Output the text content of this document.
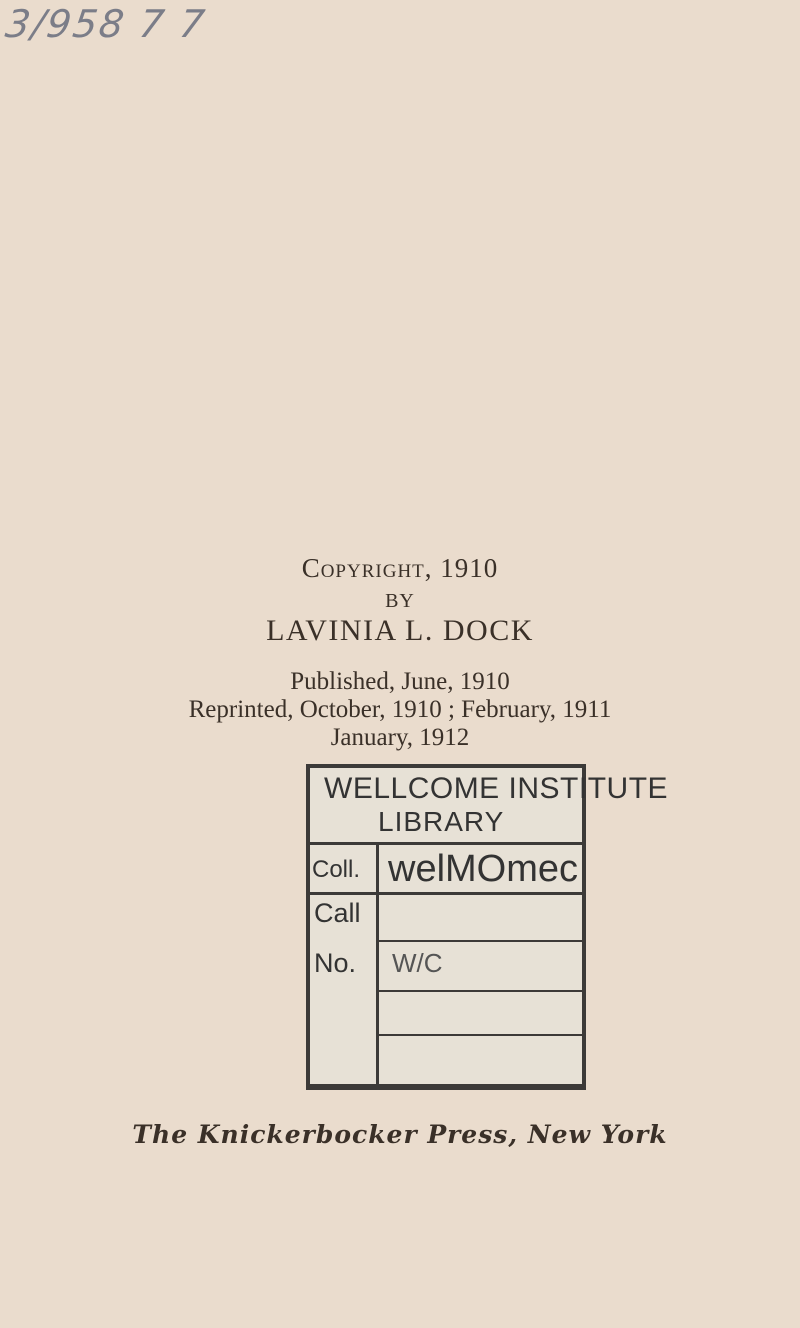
3/958 7 7
Copyright, 1910
BY
LAVINIA L. DOCK
Published, June, 1910
Reprinted, October, 1910 ; February, 1911
January, 1912
WELLCOME INSTITUTE
LIBRARY
Coll. welMOmec
Call
No. W/C
The Knickerbocker Press, New York
